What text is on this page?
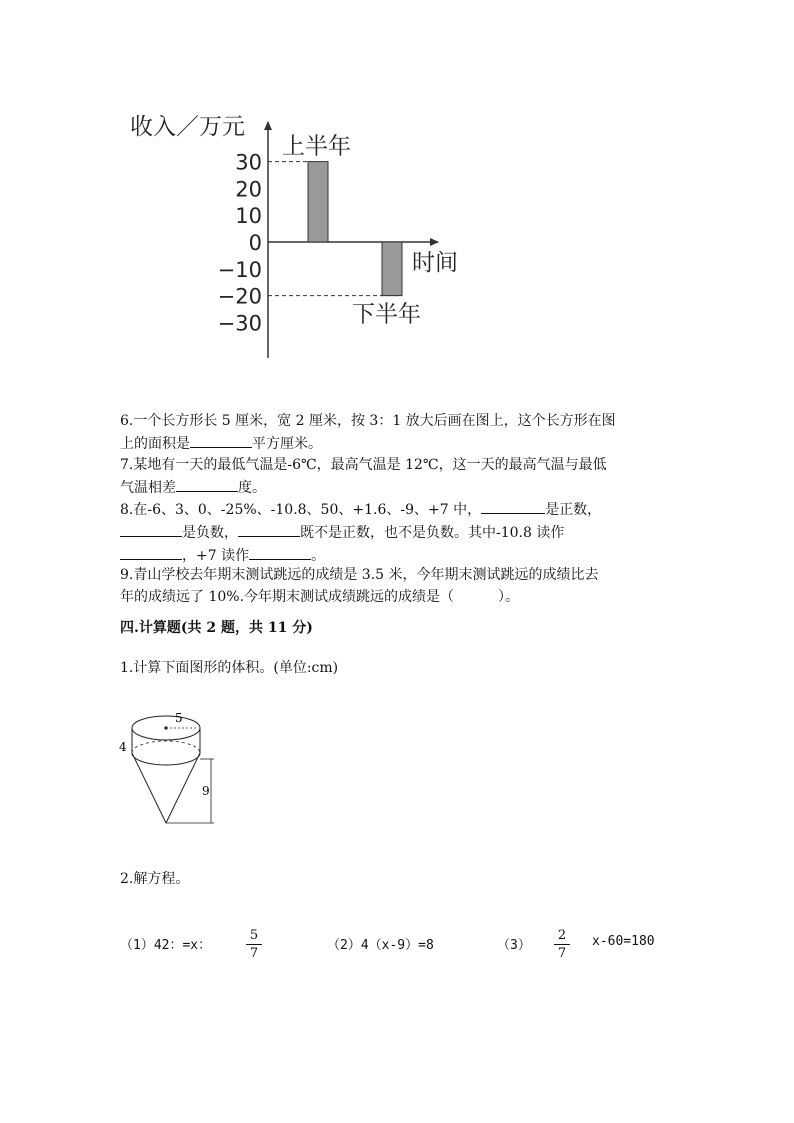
收入／万元
时间
30
20
10
0
−10
−20
−30
上半年
下半年
6.一个长方形长 5 厘米，宽 2 厘米，按 3：1 放大后画在图上，这个长方形在图
上的面积是	平方厘米。
7.某地有一天的最低气温是-6℃，最高气温是 12℃，这一天的最高气温与最低
气温相差	度。
8.在-6、3、0、-25%、-10.8、50、+1.6、-9、+7 中，	是正数，
是负数，	既不是正数，也不是负数。其中-10.8 读作
，+7 读作	。
9.青山学校去年期末测试跳远的成绩是 3.5 米，今年期末测试跳远的成绩比去
年的成绩远了 10%.今年期末测试成绩跳远的成绩是（	）。
四.计算题(共 2 题，共 11 分)
1.计算下面图形的体积。(单位:cm)
5
4
9
2.解方程。
（1）42：=x：
5
7
（2）4（x-9）=8	（3）
2
7
x-60=180
